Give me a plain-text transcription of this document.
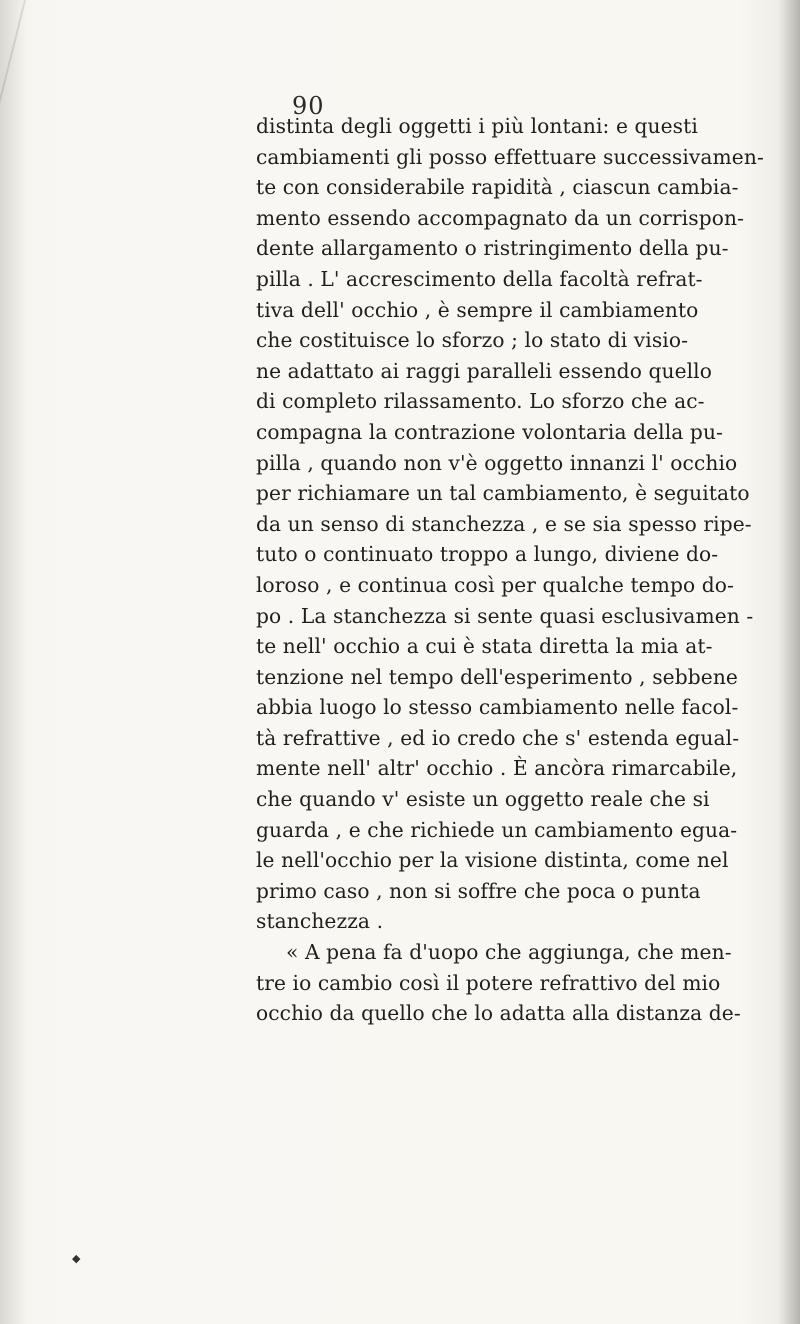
90
distinta degli oggetti i più lontani: e questi
cambiamenti gli posso effettuare successivamen-
te con considerabile rapidità , ciascun cambia-
mento essendo accompagnato da un corrispon-
dente allargamento o ristringimento della pu-
pilla . L' accrescimento della facoltà refrat-
tiva dell' occhio , è sempre il cambiamento
che costituisce lo sforzo ; lo stato di visio-
ne adattato ai raggi paralleli essendo quello
di completo rilassamento. Lo sforzo che ac-
compagna la contrazione volontaria della pu-
pilla , quando non v'è oggetto innanzi l' occhio
per richiamare un tal cambiamento, è seguitato
da un senso di stanchezza , e se sia spesso ripe-
tuto o continuato troppo a lungo, diviene do-
loroso , e continua così per qualche tempo do-
po . La stanchezza si sente quasi esclusivamen -
te nell' occhio a cui è stata diretta la mia at-
tenzione nel tempo dell'esperimento , sebbene
abbia luogo lo stesso cambiamento nelle facol-
tà refrattive , ed io credo che s' estenda egual-
mente nell' altr' occhio . È ancòra rimarcabile,
che quando v' esiste un oggetto reale che si
guarda , e che richiede un cambiamento egua-
le nell'occhio per la visione distinta, come nel
primo caso , non si soffre che poca o punta
stanchezza .
« A pena fa d'uopo che aggiunga, che men-
tre io cambio così il potere refrattivo del mio
occhio da quello che lo adatta alla distanza de-
◆
